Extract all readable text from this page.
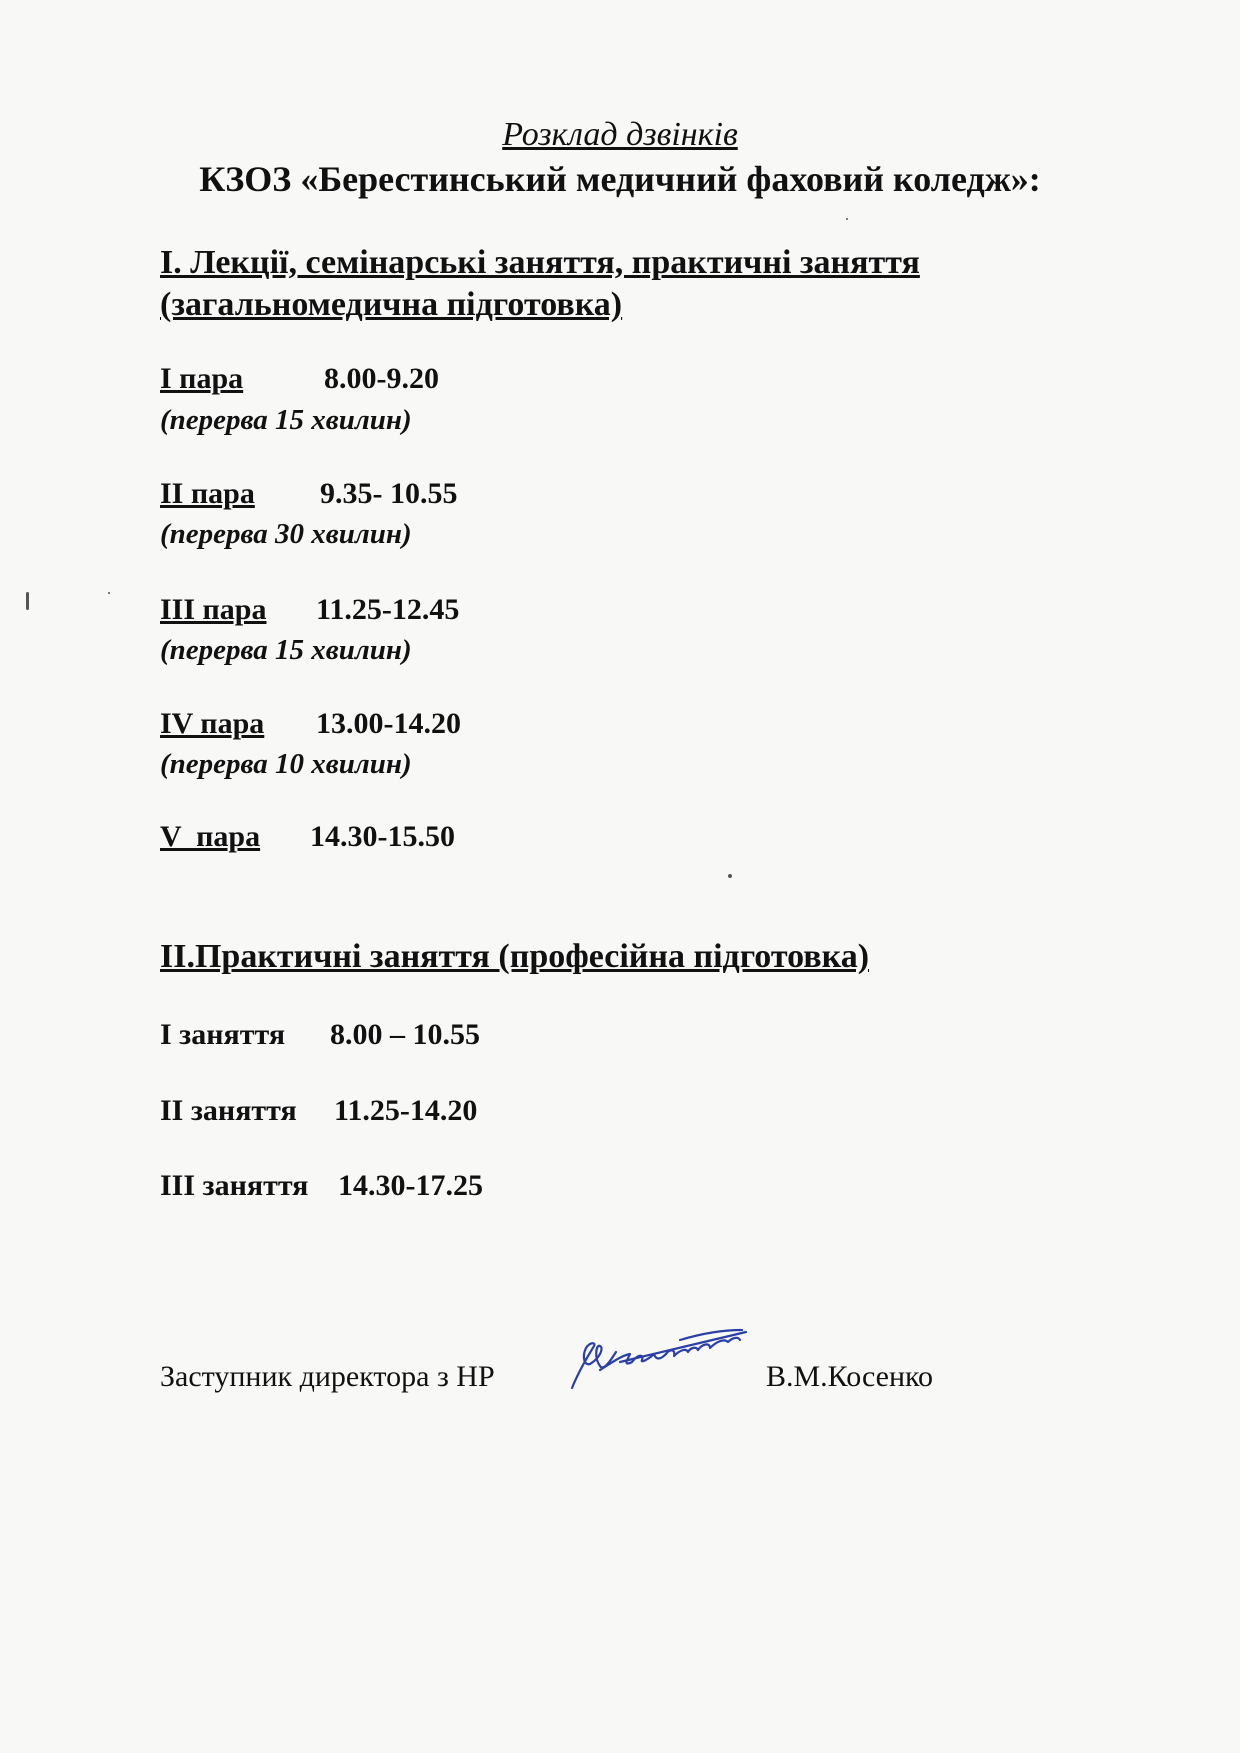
Розклад дзвінків
КЗОЗ «Берестинський медичний фаховий коледж»:
І. Лекції, семінарські заняття, практичні заняття
(загальномедична підготовка)
І пара	8.00-9.20
(перерва 15 хвилин)
ІІ пара 9.35- 10.55
(перерва 30 хвилин)
ІІІ пара 11.25-12.45
(перерва 15 хвилин)
IV пара 13.00-14.20
(перерва 10 хвилин)
V  пара 14.30-15.50
ІІ.Практичні заняття (професійна підготовка)
І заняття 8.00 – 10.55
ІІ заняття 11.25-14.20
ІІІ заняття 14.30-17.25
Заступник директора з НР	В.М.Косенко
